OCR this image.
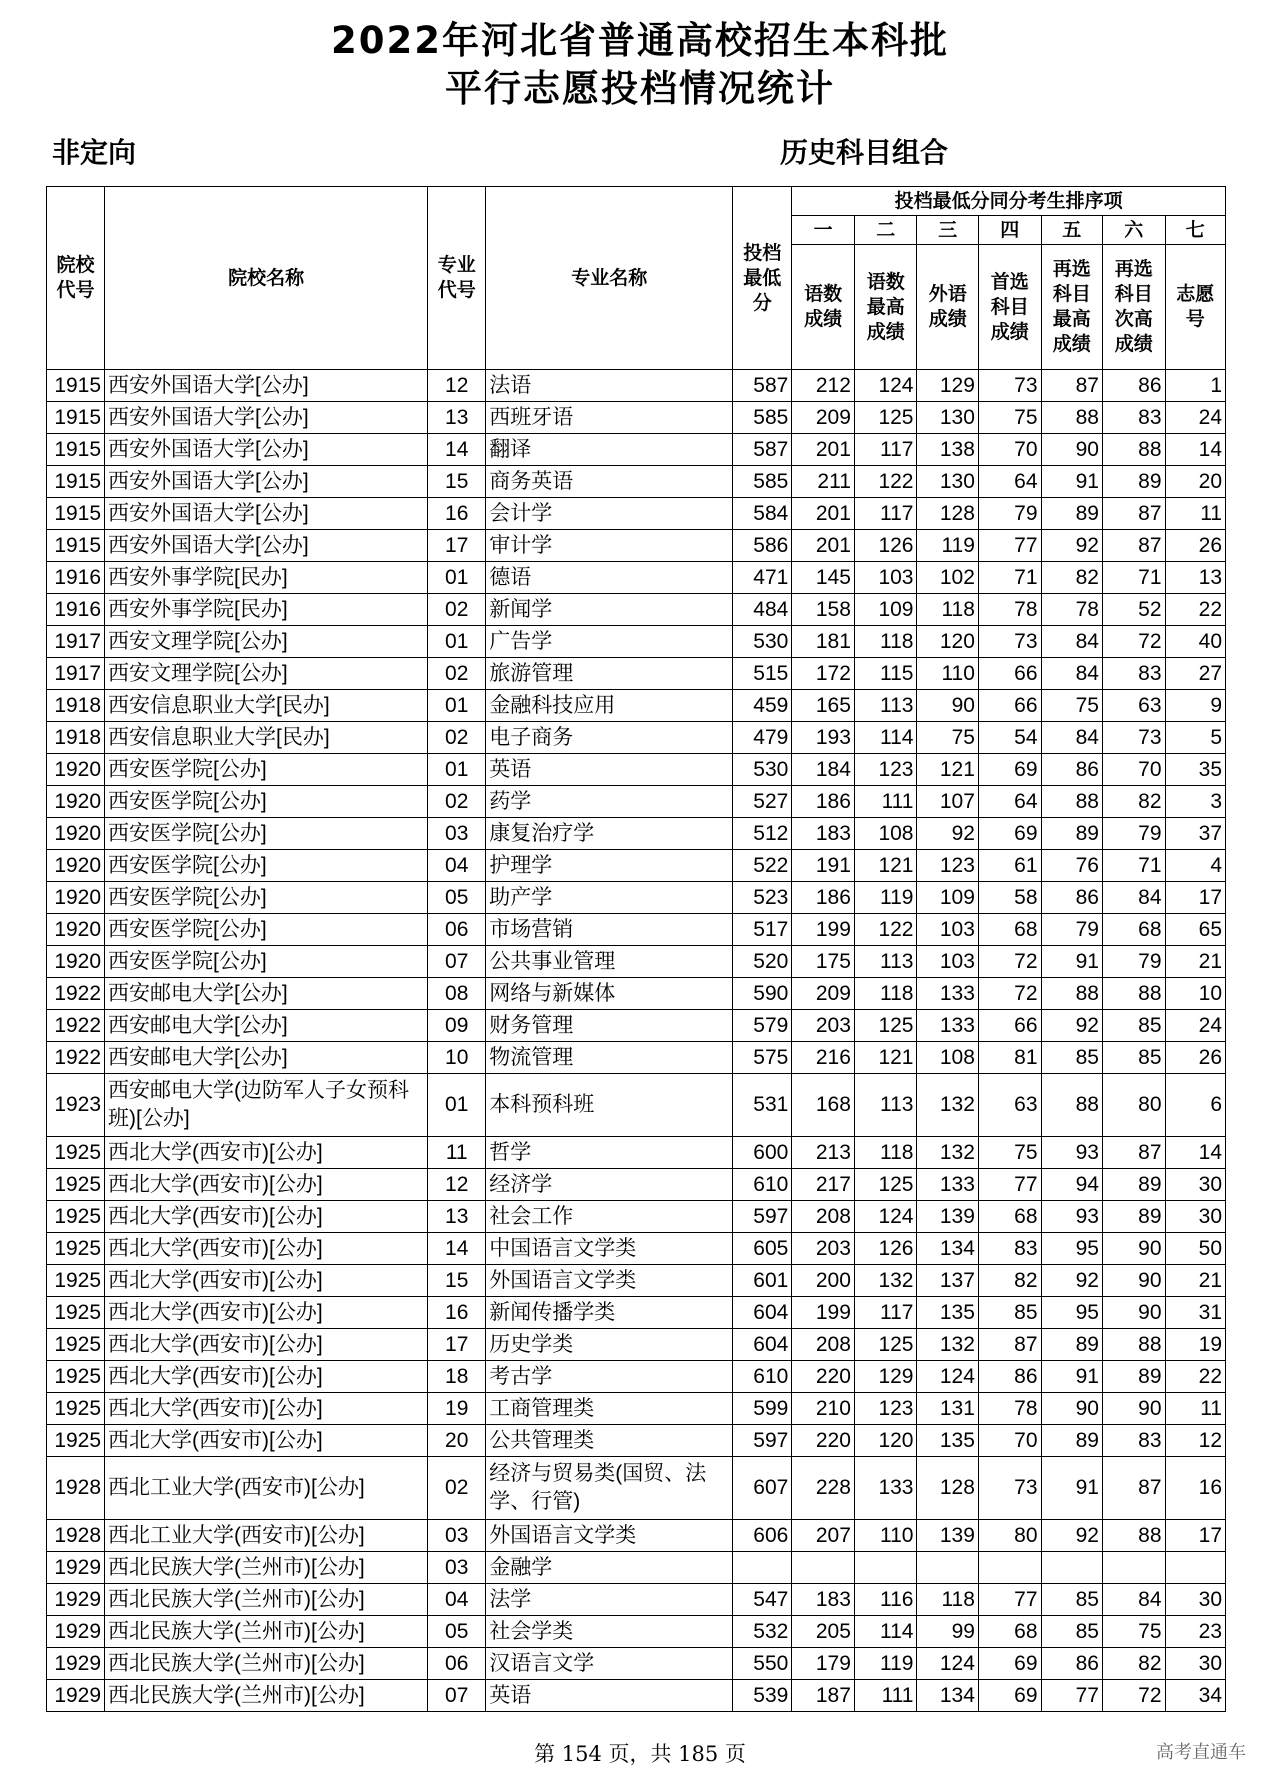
2022年河北省普通高校招生本科批
平行志愿投档情况统计
非定向	历史科目组合
院校代号	院校名称	专业代号	专业名称	投档最低分	投档最低分同分考生排序项						
					一	二	三	四	五	六	七
					语数成绩	语数最高成绩	外语成绩	首选科目成绩	再选科目最高成绩	再选科目次高成绩	志愿号
1915	西安外国语大学[公办]	12	法语	587	212	124	129	73	87	86	1
1915	西安外国语大学[公办]	13	西班牙语	585	209	125	130	75	88	83	24
1915	西安外国语大学[公办]	14	翻译	587	201	117	138	70	90	88	14
1915	西安外国语大学[公办]	15	商务英语	585	211	122	130	64	91	89	20
1915	西安外国语大学[公办]	16	会计学	584	201	117	128	79	89	87	11
1915	西安外国语大学[公办]	17	审计学	586	201	126	119	77	92	87	26
1916	西安外事学院[民办]	01	德语	471	145	103	102	71	82	71	13
1916	西安外事学院[民办]	02	新闻学	484	158	109	118	78	78	52	22
1917	西安文理学院[公办]	01	广告学	530	181	118	120	73	84	72	40
1917	西安文理学院[公办]	02	旅游管理	515	172	115	110	66	84	83	27
1918	西安信息职业大学[民办]	01	金融科技应用	459	165	113	90	66	75	63	9
1918	西安信息职业大学[民办]	02	电子商务	479	193	114	75	54	84	73	5
1920	西安医学院[公办]	01	英语	530	184	123	121	69	86	70	35
1920	西安医学院[公办]	02	药学	527	186	111	107	64	88	82	3
1920	西安医学院[公办]	03	康复治疗学	512	183	108	92	69	89	79	37
1920	西安医学院[公办]	04	护理学	522	191	121	123	61	76	71	4
1920	西安医学院[公办]	05	助产学	523	186	119	109	58	86	84	17
1920	西安医学院[公办]	06	市场营销	517	199	122	103	68	79	68	65
1920	西安医学院[公办]	07	公共事业管理	520	175	113	103	72	91	79	21
1922	西安邮电大学[公办]	08	网络与新媒体	590	209	118	133	72	88	88	10
1922	西安邮电大学[公办]	09	财务管理	579	203	125	133	66	92	85	24
1922	西安邮电大学[公办]	10	物流管理	575	216	121	108	81	85	85	26
1923	西安邮电大学(边防军人子女预科班)[公办]	01	本科预科班	531	168	113	132	63	88	80	6
1925	西北大学(西安市)[公办]	11	哲学	600	213	118	132	75	93	87	14
1925	西北大学(西安市)[公办]	12	经济学	610	217	125	133	77	94	89	30
1925	西北大学(西安市)[公办]	13	社会工作	597	208	124	139	68	93	89	30
1925	西北大学(西安市)[公办]	14	中国语言文学类	605	203	126	134	83	95	90	50
1925	西北大学(西安市)[公办]	15	外国语言文学类	601	200	132	137	82	92	90	21
1925	西北大学(西安市)[公办]	16	新闻传播学类	604	199	117	135	85	95	90	31
1925	西北大学(西安市)[公办]	17	历史学类	604	208	125	132	87	89	88	19
1925	西北大学(西安市)[公办]	18	考古学	610	220	129	124	86	91	89	22
1925	西北大学(西安市)[公办]	19	工商管理类	599	210	123	131	78	90	90	11
1925	西北大学(西安市)[公办]	20	公共管理类	597	220	120	135	70	89	83	12
1928	西北工业大学(西安市)[公办]	02	经济与贸易类(国贸、法学、行管)	607	228	133	128	73	91	87	16
1928	西北工业大学(西安市)[公办]	03	外国语言文学类	606	207	110	139	80	92	88	17
1929	西北民族大学(兰州市)[公办]	03	金融学								
1929	西北民族大学(兰州市)[公办]	04	法学	547	183	116	118	77	85	84	30
1929	西北民族大学(兰州市)[公办]	05	社会学类	532	205	114	99	68	85	75	23
1929	西北民族大学(兰州市)[公办]	06	汉语言文学	550	179	119	124	69	86	82	30
1929	西北民族大学(兰州市)[公办]	07	英语	539	187	111	134	69	77	72	34
第 154 页，共 185 页	高考直通车
